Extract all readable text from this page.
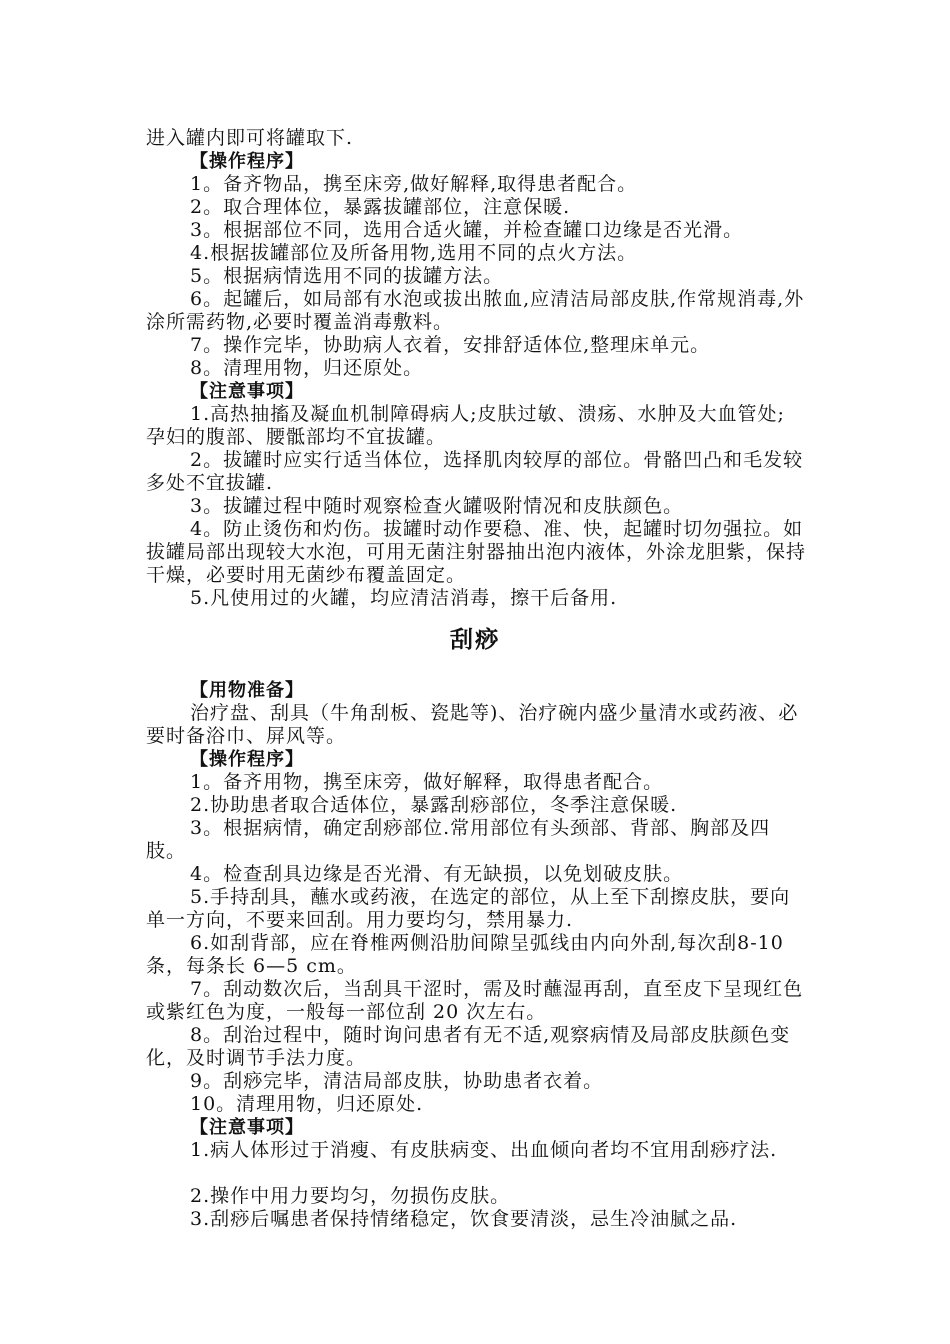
进入罐内即可将罐取下.

【操作程序】

1。备齐物品，携至床旁,做好解释,取得患者配合。

2。取合理体位，暴露拔罐部位，注意保暖.

3。根据部位不同，选用合适火罐，并检查罐口边缘是否光滑。

4.根据拔罐部位及所备用物,选用不同的点火方法。

5。根据病情选用不同的拔罐方法。

6。起罐后，如局部有水泡或拔出脓血,应清洁局部皮肤,作常规消毒,外涂所需药物,必要时覆盖消毒敷料。

7。操作完毕，协助病人衣着，安排舒适体位,整理床单元。

8。清理用物，归还原处。

【注意事项】

1.高热抽搐及凝血机制障碍病人;皮肤过敏、溃疡、水肿及大血管处; 孕妇的腹部、腰骶部均不宜拔罐。

2。拔罐时应实行适当体位，选择肌肉较厚的部位。骨骼凹凸和毛发较多处不宜拔罐.

3。拔罐过程中随时观察检查火罐吸附情况和皮肤颜色。

4。防止烫伤和灼伤。拔罐时动作要稳、准、快，起罐时切勿强拉。如拔罐局部出现较大水泡，可用无菌注射器抽出泡内液体，外涂龙胆紫，保持干燥，必要时用无菌纱布覆盖固定。

5.凡使用过的火罐，均应清洁消毒，擦干后备用.

刮痧

【用物准备】

治疗盘、刮具（牛角刮板、瓷匙等)、治疗碗内盛少量清水或药液、必要时备浴巾、屏风等。

【操作程序】

1。备齐用物，携至床旁，做好解释，取得患者配合。

2.协助患者取合适体位，暴露刮痧部位，冬季注意保暖.

3。根据病情，确定刮痧部位.常用部位有头颈部、背部、胸部及四肢。

4。检查刮具边缘是否光滑、有无缺损，以免划破皮肤。

5.手持刮具，蘸水或药液，在选定的部位，从上至下刮擦皮肤，要向单一方向，不要来回刮。用力要均匀，禁用暴力.

6.如刮背部，应在脊椎两侧沿肋间隙呈弧线由内向外刮,每次刮8-10条，每条长 6—5 cm。

7。刮动数次后，当刮具干涩时，需及时蘸湿再刮，直至皮下呈现红色或紫红色为度，一般每一部位刮 20 次左右。

8。刮治过程中，随时询问患者有无不适,观察病情及局部皮肤颜色变化，及时调节手法力度。

9。刮痧完毕，清洁局部皮肤，协助患者衣着。

10。清理用物，归还原处.

【注意事项】

1.病人体形过于消瘦、有皮肤病变、出血倾向者均不宜用刮痧疗法.

2.操作中用力要均匀，勿损伤皮肤。

3.刮痧后嘱患者保持情绪稳定，饮食要清淡，忌生冷油腻之品.
